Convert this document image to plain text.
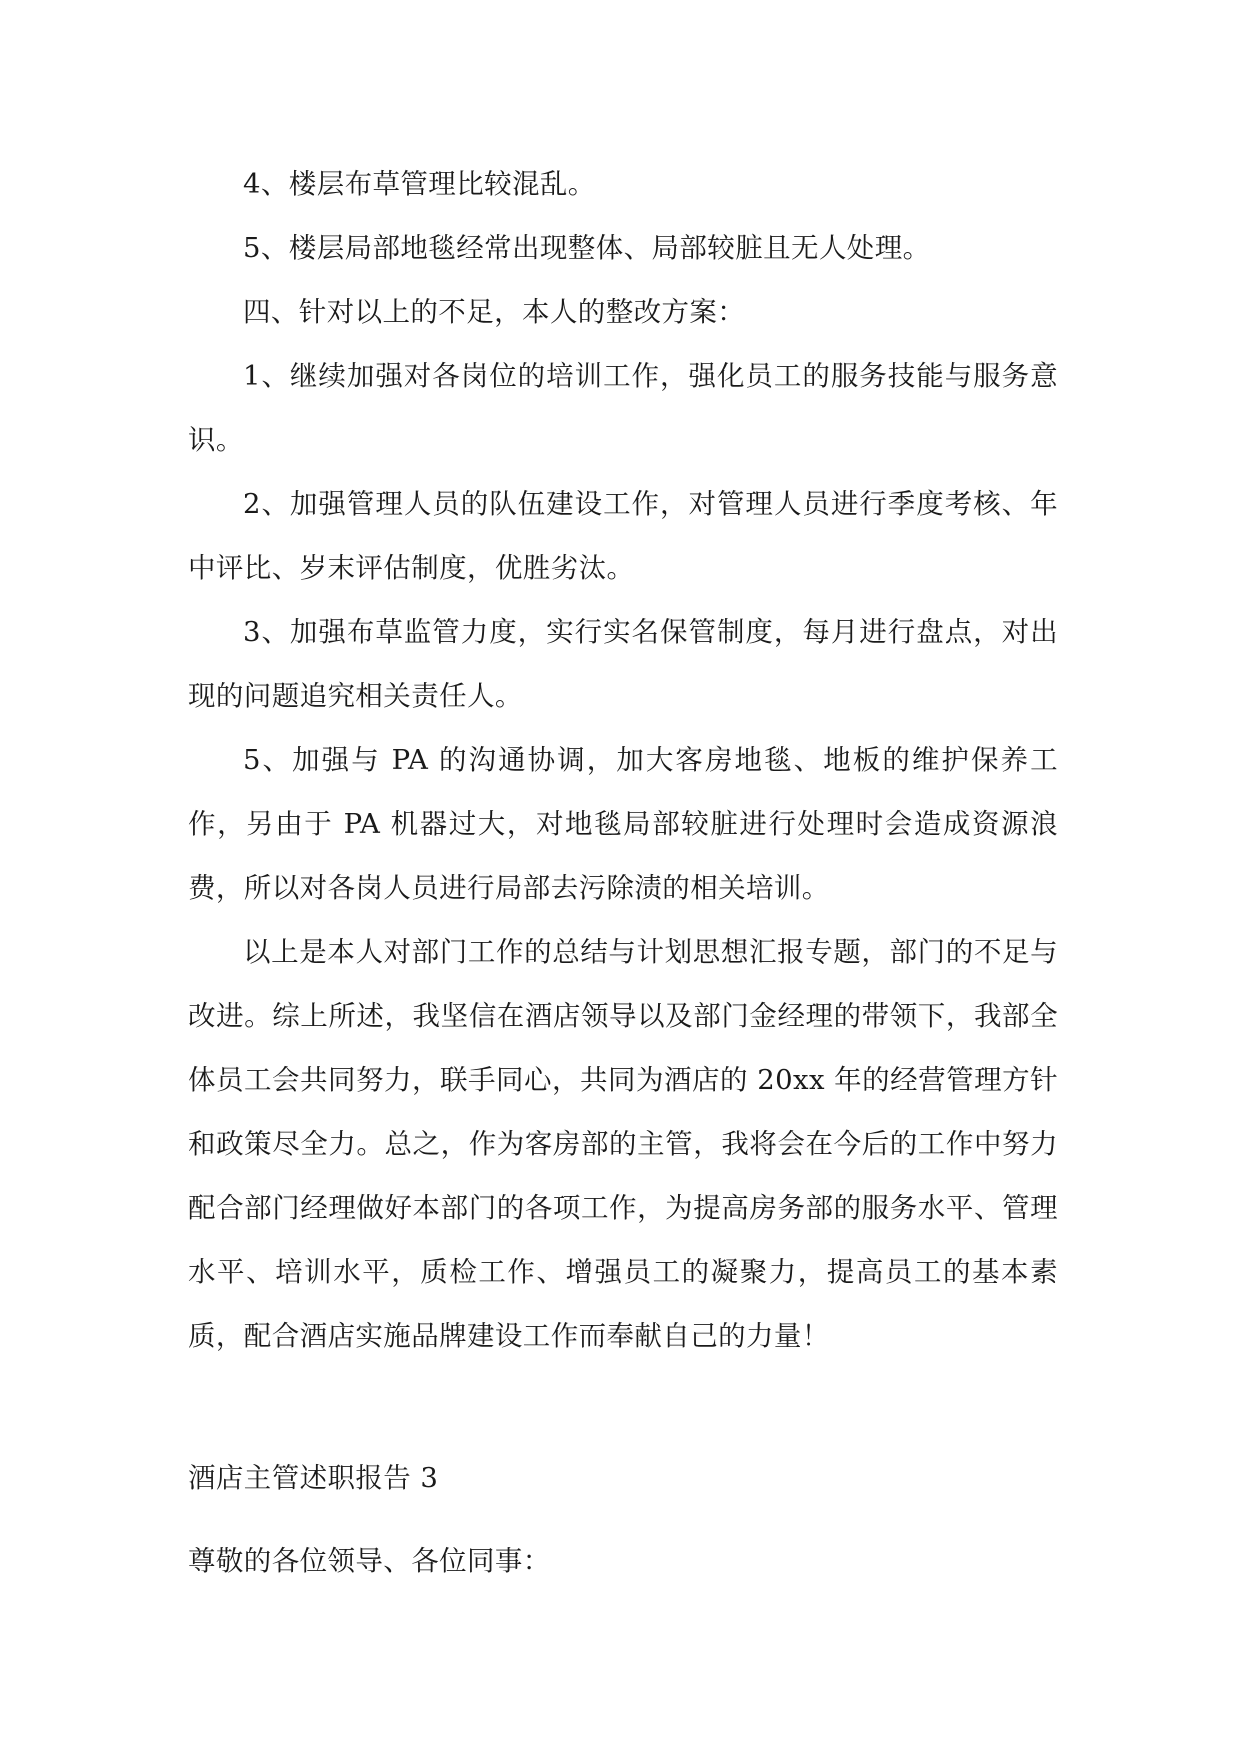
4、楼层布草管理比较混乱。

5、楼层局部地毯经常出现整体、局部较脏且无人处理。

四、针对以上的不足，本人的整改方案：

1、继续加强对各岗位的培训工作，强化员工的服务技能与服务意识。

2、加强管理人员的队伍建设工作，对管理人员进行季度考核、年中评比、岁末评估制度，优胜劣汰。

3、加强布草监管力度，实行实名保管制度，每月进行盘点，对出现的问题追究相关责任人。

5、加强与 PA 的沟通协调，加大客房地毯、地板的维护保养工作，另由于 PA 机器过大，对地毯局部较脏进行处理时会造成资源浪费，所以对各岗人员进行局部去污除渍的相关培训。

以上是本人对部门工作的总结与计划思想汇报专题，部门的不足与改进。综上所述，我坚信在酒店领导以及部门金经理的带领下，我部全体员工会共同努力，联手同心，共同为酒店的 20xx 年的经营管理方针和政策尽全力。总之，作为客房部的主管，我将会在今后的工作中努力配合部门经理做好本部门的各项工作，为提高房务部的服务水平、管理水平、培训水平，质检工作、增强员工的凝聚力，提高员工的基本素质，配合酒店实施品牌建设工作而奉献自己的力量！

酒店主管述职报告 3

尊敬的各位领导、各位同事：
